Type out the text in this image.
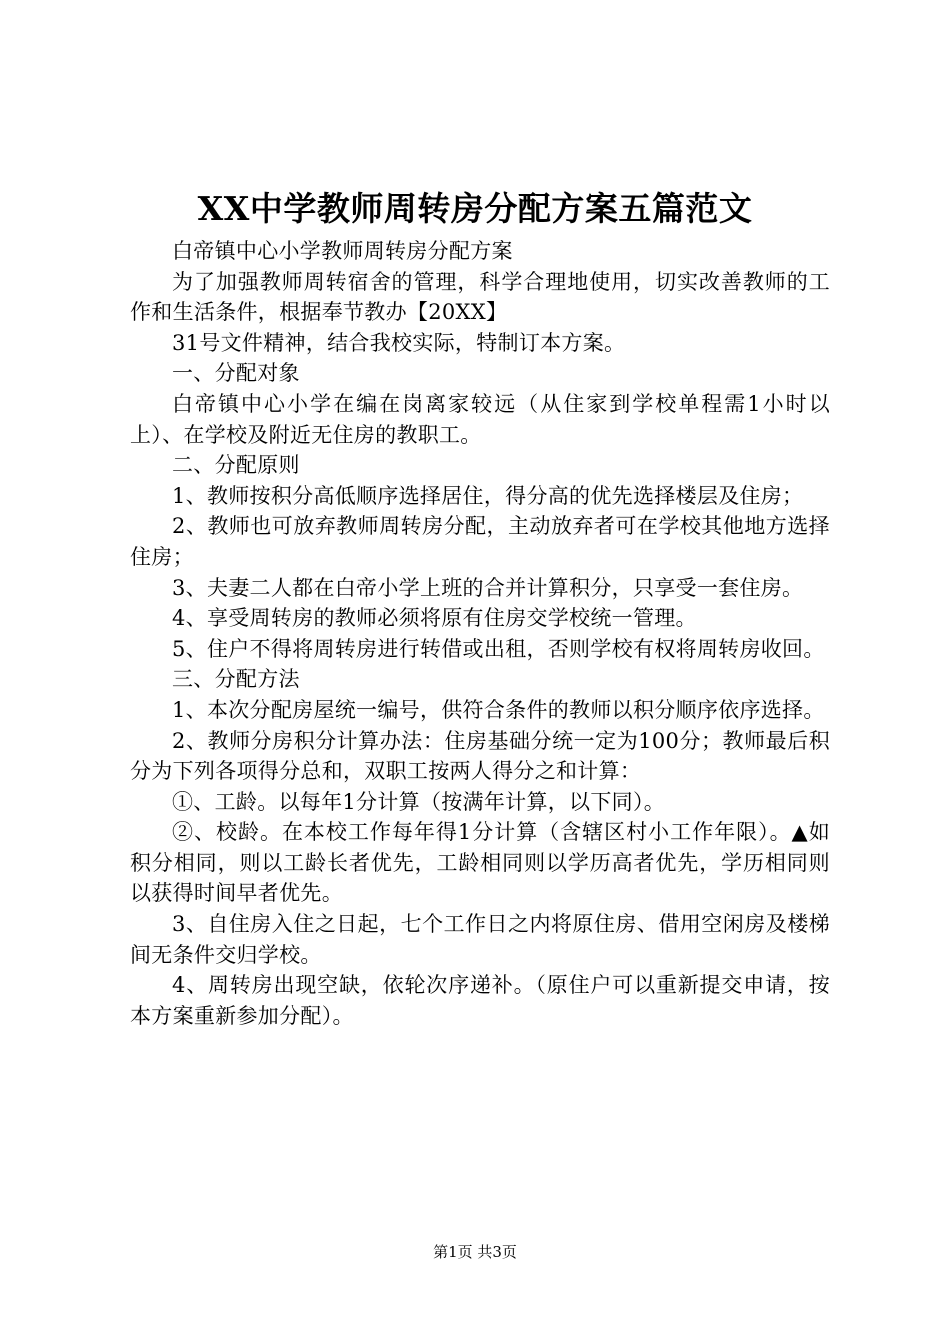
XX中学教师周转房分配方案五篇范文

白帝镇中心小学教师周转房分配方案

为了加强教师周转宿舍的管理，科学合理地使用，切实改善教师的工作和生活条件，根据奉节教办【20XX】

31号文件精神，结合我校实际，特制订本方案。

一、分配对象

白帝镇中心小学在编在岗离家较远（从住家到学校单程需1小时以上）、在学校及附近无住房的教职工。

二、分配原则

1、教师按积分高低顺序选择居住，得分高的优先选择楼层及住房；

2、教师也可放弃教师周转房分配，主动放弃者可在学校其他地方选择住房；

3、夫妻二人都在白帝小学上班的合并计算积分，只享受一套住房。

4、享受周转房的教师必须将原有住房交学校统一管理。

5、住户不得将周转房进行转借或出租，否则学校有权将周转房收回。

三、分配方法

1、本次分配房屋统一编号，供符合条件的教师以积分顺序依序选择。

2、教师分房积分计算办法：住房基础分统一定为100分；教师最后积分为下列各项得分总和，双职工按两人得分之和计算：

①、工龄。以每年1分计算（按满年计算，以下同）。

②、校龄。在本校工作每年得1分计算（含辖区村小工作年限）。▲如积分相同，则以工龄长者优先，工龄相同则以学历高者优先，学历相同则以获得时间早者优先。

3、自住房入住之日起，七个工作日之内将原住房、借用空闲房及楼梯间无条件交归学校。

4、周转房出现空缺，依轮次序递补。（原住户可以重新提交申请，按本方案重新参加分配）。

第1页 共3页
